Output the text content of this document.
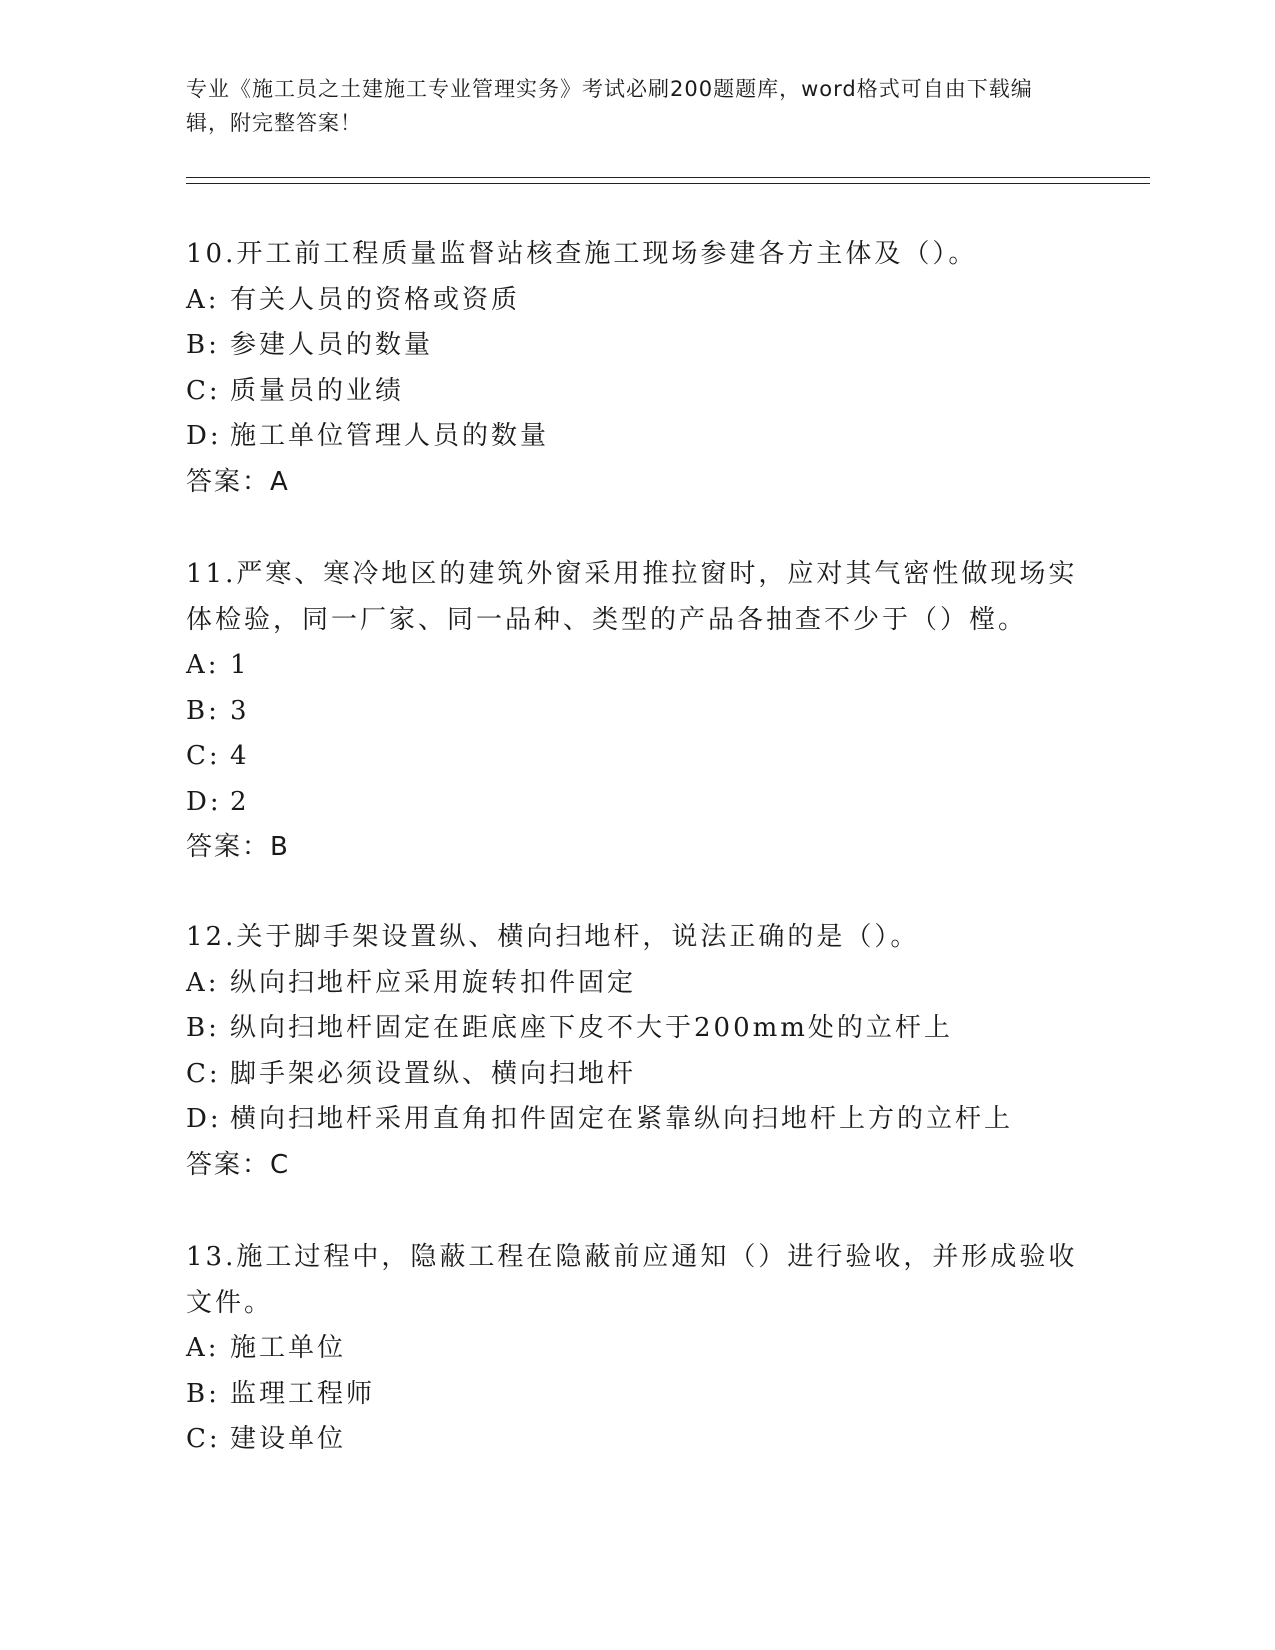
专业《施工员之土建施工专业管理实务》考试必刷200题题库，word格式可自由下载编辑，附完整答案！

10.开工前工程质量监督站核查施工现场参建各方主体及（）。

A: 有关人员的资格或资质

B: 参建人员的数量

C: 质量员的业绩

D: 施工单位管理人员的数量

答案：A

11.严寒、寒冷地区的建筑外窗采用推拉窗时，应对其气密性做现场实体检验，同一厂家、同一品种、类型的产品各抽查不少于（）樘。

A: 1

B: 3

C: 4

D: 2

答案：B

12.关于脚手架设置纵、横向扫地杆，说法正确的是（）。

A: 纵向扫地杆应采用旋转扣件固定

B: 纵向扫地杆固定在距底座下皮不大于200mm处的立杆上

C: 脚手架必须设置纵、横向扫地杆

D: 横向扫地杆采用直角扣件固定在紧靠纵向扫地杆上方的立杆上

答案：C

13.施工过程中，隐蔽工程在隐蔽前应通知（）进行验收，并形成验收文件。

A: 施工单位

B: 监理工程师

C: 建设单位
